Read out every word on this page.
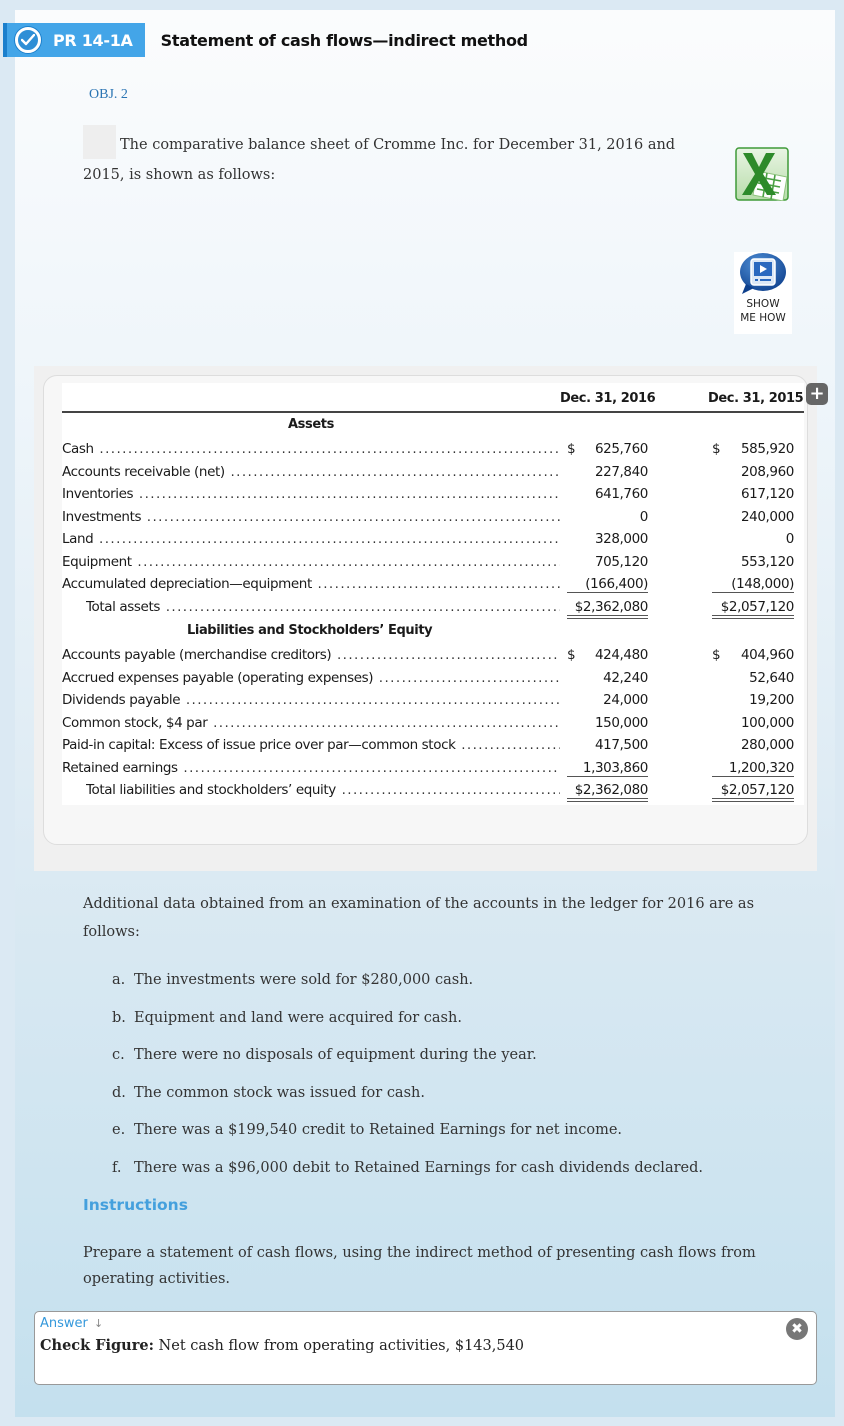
PR 14-1A Statement of cash flows—indirect method
OBJ. 2
The comparative balance sheet of Cromme Inc. for December 31, 2016 and 2015, is shown as follows:
SHOW
ME HOW
Dec. 31, 2016	Dec. 31, 2015
Assets
Cash .....	$ 625,760	$ 585,920
Accounts receivable (net) .....	227,840	208,960
Inventories .....	641,760	617,120
Investments .....	0	240,000
Land .....	328,000	0
Equipment .....	705,120	553,120
Accumulated depreciation—equipment .....	(166,400)	(148,000)
Total assets .....	$2,362,080	$2,057,120
Liabilities and Stockholders’ Equity
Accounts payable (merchandise creditors) .....	$ 424,480	$ 404,960
Accrued expenses payable (operating expenses) .....	42,240	52,640
Dividends payable .....	24,000	19,200
Common stock, $4 par .....	150,000	100,000
Paid-in capital: Excess of issue price over par—common stock .....	417,500	280,000
Retained earnings .....	1,303,860	1,200,320
Total liabilities and stockholders’ equity .....	$2,362,080	$2,057,120
+
Additional data obtained from an examination of the accounts in the ledger for 2016 are as follows:
a. The investments were sold for $280,000 cash.
b. Equipment and land were acquired for cash.
c. There were no disposals of equipment during the year.
d. The common stock was issued for cash.
e. There was a $199,540 credit to Retained Earnings for net income.
f. There was a $96,000 debit to Retained Earnings for cash dividends declared.
Instructions
Prepare a statement of cash flows, using the indirect method of presenting cash flows from operating activities.
Answer ↓
Check Figure: Net cash flow from operating activities, $143,540
✖
